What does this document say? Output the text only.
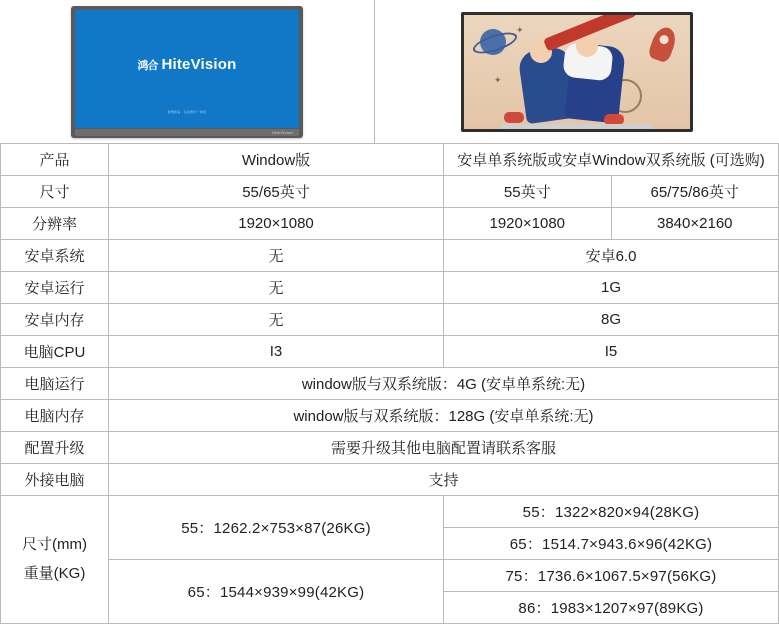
鸿合 HiteVision
智慧教室 · 互动教学一体机
HiteVision
✦
✦
产品	Window版	安卓单系统版或安卓Window双系统版 (可选购)	
尺寸	55/65英寸	55英寸	65/75/86英寸
分辨率	1920×1080	1920×1080	3840×2160
安卓系统	无	安卓6.0	
安卓运行	无	1G	
安卓内存	无	8G	
电脑CPU	I3	I5	
电脑运行	window版与双系统版：4G (安卓单系统:无)		
电脑内存	window版与双系统版：128G (安卓单系统:无)		
配置升级	需要升级其他电脑配置请联系客服		
外接电脑	支持		

尺寸(mm)
重量(KG)	55：1262.2×753×87(26KG)	55：1322×820×94(28KG)	
		65：1514.7×943.6×96(42KG)	
	65：1544×939×99(42KG)	75：1736.6×1067.5×97(56KG)	
		86：1983×1207×97(89KG)	
